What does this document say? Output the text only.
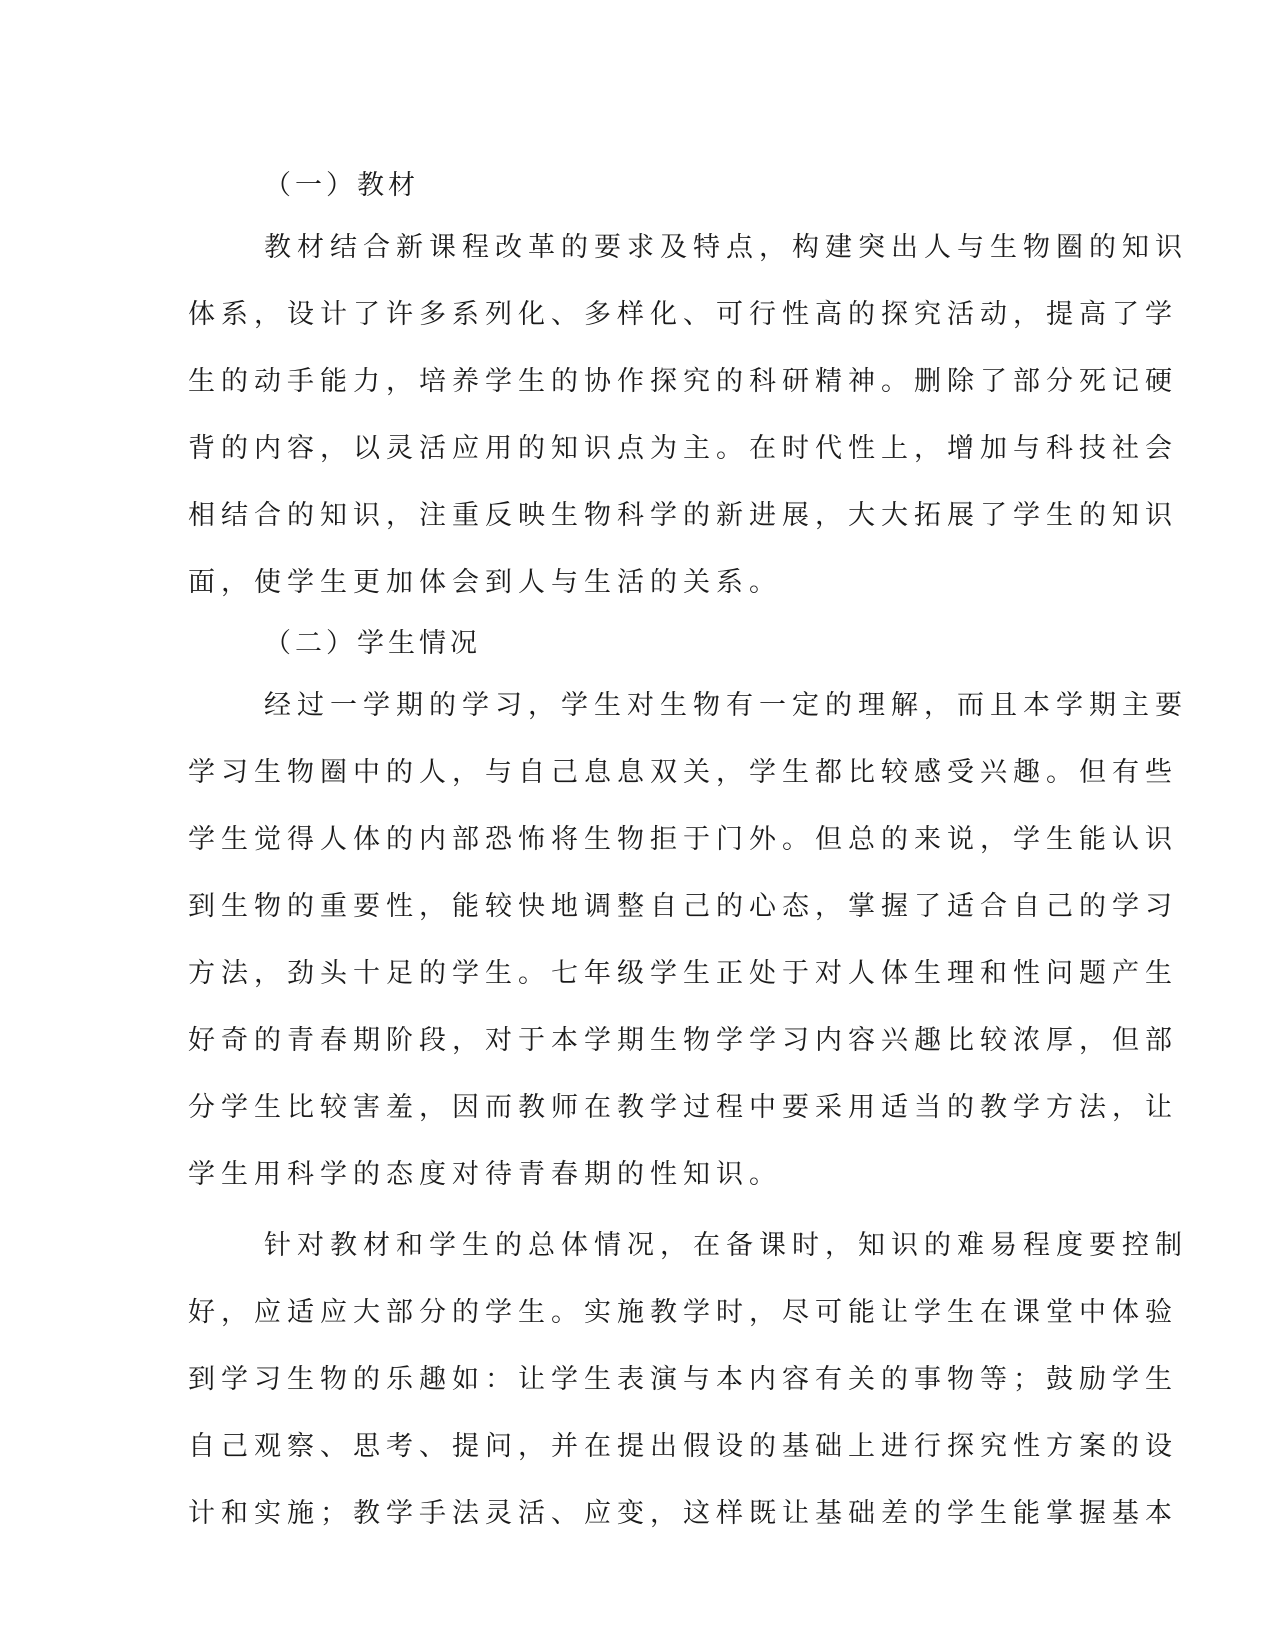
（一）教材
教材结合新课程改革的要求及特点，构建突出人与生物圈的知识
体系，设计了许多系列化、多样化、可行性高的探究活动，提高了学
生的动手能力，培养学生的协作探究的科研精神。删除了部分死记硬
背的内容，以灵活应用的知识点为主。在时代性上，增加与科技社会
相结合的知识，注重反映生物科学的新进展，大大拓展了学生的知识
面，使学生更加体会到人与生活的关系。
（二）学生情况
经过一学期的学习，学生对生物有一定的理解，而且本学期主要
学习生物圈中的人，与自己息息双关，学生都比较感受兴趣。但有些
学生觉得人体的内部恐怖将生物拒于门外。但总的来说，学生能认识
到生物的重要性，能较快地调整自己的心态，掌握了适合自己的学习
方法，劲头十足的学生。七年级学生正处于对人体生理和性问题产生
好奇的青春期阶段，对于本学期生物学学习内容兴趣比较浓厚，但部
分学生比较害羞，因而教师在教学过程中要采用适当的教学方法，让
学生用科学的态度对待青春期的性知识。
针对教材和学生的总体情况，在备课时，知识的难易程度要控制
好，应适应大部分的学生。实施教学时，尽可能让学生在课堂中体验
到学习生物的乐趣如：让学生表演与本内容有关的事物等；鼓励学生
自己观察、思考、提问，并在提出假设的基础上进行探究性方案的设
计和实施；教学手法灵活、应变，这样既让基础差的学生能掌握基本
